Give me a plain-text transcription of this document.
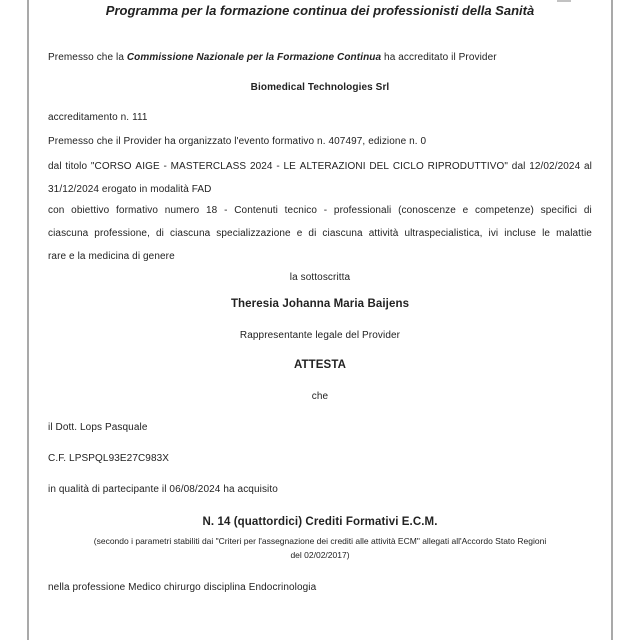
Programma per la formazione continua dei professionisti della Sanità
Premesso che la Commissione Nazionale per la Formazione Continua ha accreditato il Provider
Biomedical Technologies Srl
accreditamento n. 111
Premesso che il Provider ha organizzato l'evento formativo n. 407497, edizione n. 0
dal titolo "CORSO AIGE - MASTERCLASS 2024 - LE ALTERAZIONI DEL CICLO RIPRODUTTIVO" dal 12/02/2024 al
31/12/2024 erogato in modalità FAD
con obiettivo formativo numero 18 - Contenuti tecnico - professionali (conoscenze e competenze) specifici di
ciascuna professione, di ciascuna specializzazione e di ciascuna attività ultraspecialistica, ivi incluse le malattie
rare e la medicina di genere
la sottoscritta
Theresia Johanna Maria Baijens
Rappresentante legale del Provider
ATTESTA
che
il Dott. Lops Pasquale
C.F. LPSPQL93E27C983X
in qualità di partecipante il 06/08/2024 ha acquisito
N. 14 (quattordici) Crediti Formativi E.C.M.
(secondo i parametri stabiliti dai "Criteri per l'assegnazione dei crediti alle attività ECM" allegati all'Accordo Stato Regioni
del 02/02/2017)
nella professione Medico chirurgo disciplina Endocrinologia
